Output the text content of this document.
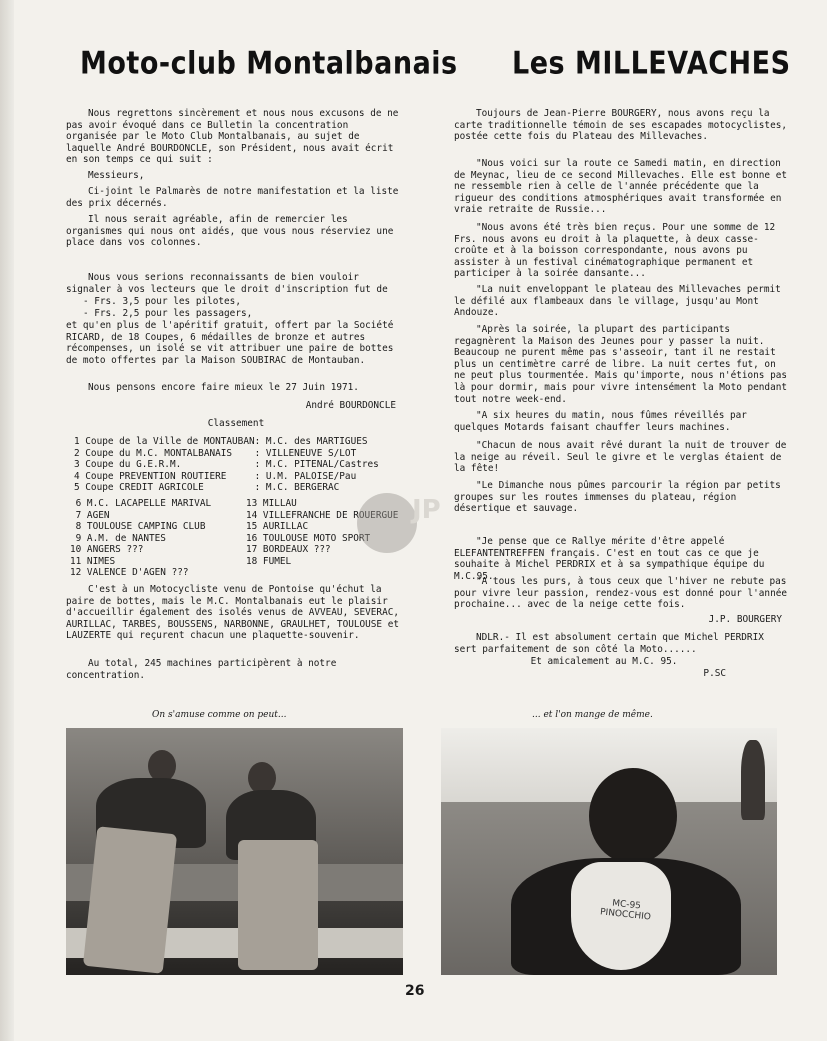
Moto-club Montalbanais

Nous regrettons sincèrement et nous nous excusons de ne pas avoir évoqué dans ce Bulletin la concentration organisée par le Moto Club Montalbanais, au sujet de laquelle André BOURDONCLE, son Président, nous avait écrit en son temps ce qui suit :

Messieurs,

Ci-joint le Palmarès de notre manifestation et la liste des prix décernés.

Il nous serait agréable, afin de remercier les organismes qui nous ont aidés, que vous nous réserviez une place dans vos colonnes.

Nous vous serions reconnaissants de bien vouloir signaler à vos lecteurs que le droit d'inscription fut de

- Frs. 3,5 pour les pilotes,
- Frs. 2,5 pour les passagers,

et qu'en plus de l'apéritif gratuit, offert par la Société RICARD, de 18 Coupes, 6 médailles de bronze et autres récompenses, un isolé se vit attribuer une paire de bottes de moto offertes par la Maison SOUBIRAC de Montauban.

Nous pensons encore faire mieux le 27 Juin 1971.

André BOURDONCLE

Classement

1 Coupe de la Ville de MONTAUBAN: M.C. des MARTIGUES
2 Coupe du M.C. MONTALBANAIS    : VILLENEUVE S/LOT
3 Coupe du G.E.R.M.             : M.C. PITENAL/Castres
4 Coupe PREVENTION ROUTIERE     : U.M. PALOISE/Pau
5 Coupe CREDIT AGRICOLE         : M.C. BERGERAC
6 M.C. LACAPELLE MARIVAL
7 AGEN
8 TOULOUSE CAMPING CLUB
9 A.M. de NANTES
10 ANGERS ???
11 NIMES
12 VALENCE D'AGEN ???
13 MILLAU
14 VILLEFRANCHE DE ROUERGUE
15 AURILLAC
16 TOULOUSE MOTO SPORT
17 BORDEAUX ???
18 FUMEL

C'est à un Motocycliste venu de Pontoise qu'échut la paire de bottes, mais le M.C. Montalbanais eut le plaisir d'accueillir également des isolés venus de AVVEAU, SEVERAC, AURILLAC, TARBES, BOUSSENS, NARBONNE, GRAULHET, TOULOUSE et LAUZERTE qui reçurent chacun une plaquette-souvenir.

Au total, 245 machines participèrent à notre concentration.

On s'amuse comme on peut...
Les MILLEVACHES

Toujours de Jean-Pierre BOURGERY, nous avons reçu la carte traditionnelle témoin de ses escapades motocyclistes, postée cette fois du Plateau des Millevaches.

"Nous voici sur la route ce Samedi matin, en direction de Meynac, lieu de ce second Millevaches. Elle est bonne et ne ressemble rien à celle de l'année précédente que la rigueur des conditions atmosphériques avait transformée en vraie retraite de Russie...

"Nous avons été très bien reçus. Pour une somme de 12 Frs. nous avons eu droit à la plaquette, à deux casse-croûte et à la boisson correspondante, nous avons pu assister à un festival cinématographique permanent et participer à la soirée dansante...

"La nuit enveloppant le plateau des Millevaches permit le défilé aux flambeaux dans le village, jusqu'au Mont Andouze.

"Après la soirée, la plupart des participants regagnèrent la Maison des Jeunes pour y passer la nuit. Beaucoup ne purent même pas s'asseoir, tant il ne restait plus un centimètre carré de libre. La nuit certes fut, on ne peut plus tourmentée. Mais qu'importe, nous n'étions pas là pour dormir, mais pour vivre intensément la Moto pendant tout notre week-end.

"A six heures du matin, nous fûmes réveillés par quelques Motards faisant chauffer leurs machines.

"Chacun de nous avait rêvé durant la nuit de trouver de la neige au réveil. Seul le givre et le verglas étaient de la fête!

"Le Dimanche nous pûmes parcourir la région par petits groupes sur les routes immenses du plateau, région désertique et sauvage.

"Je pense que ce Rallye mérite d'être appelé ELEFANTENTREFFEN français. C'est en tout cas ce que je souhaite à Michel PERDRIX et à sa sympathique équipe du M.C.95.

"A tous les purs, à tous ceux que l'hiver ne rebute pas pour vivre leur passion, rendez-vous est donné pour l'année prochaine... avec de la neige cette fois.

J.P. BOURGERY

NDLR.- Il est absolument certain que Michel PERDRIX sert parfaitement de son côté la Moto......

Et amicalement au M.C. 95.

P.SC

... et l'on mange de même.
MC-95 PINOCCHIO
JP
26
